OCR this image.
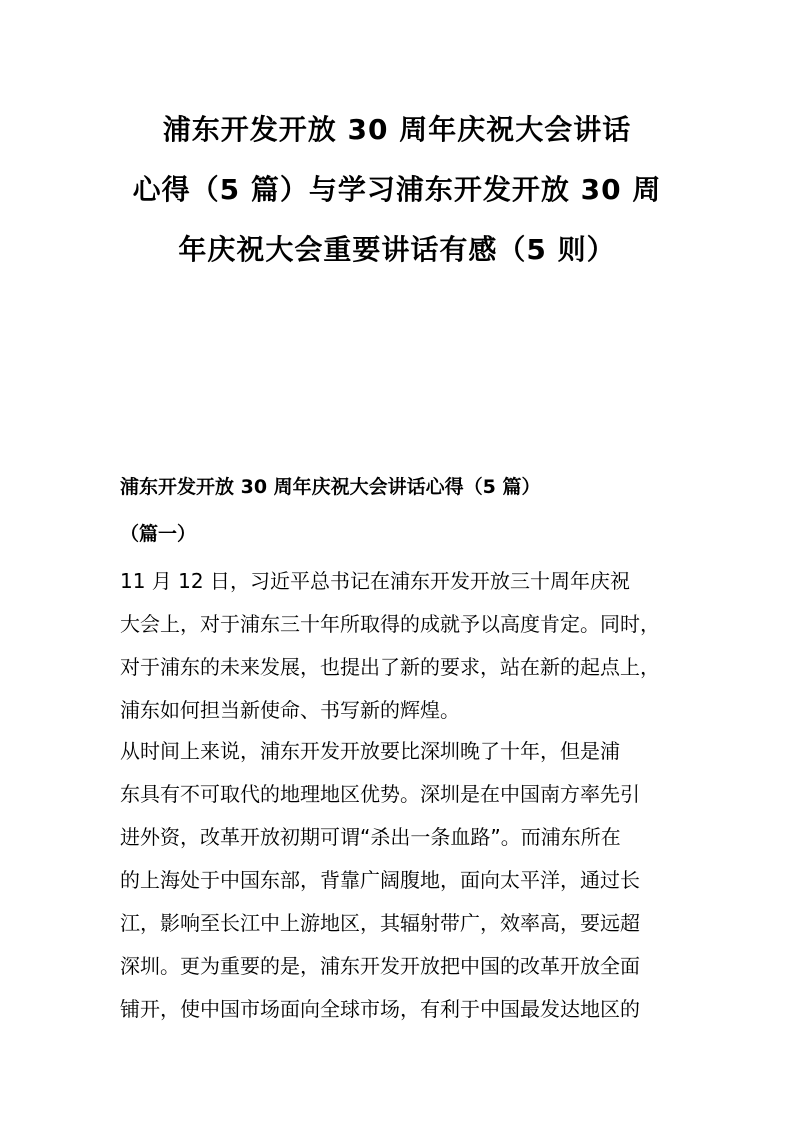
浦东开发开放 30 周年庆祝大会讲话
心得（5 篇）与学习浦东开发开放 30 周
年庆祝大会重要讲话有感（5 则）
浦东开发开放 30 周年庆祝大会讲话心得（5 篇）
（篇一）
11 月 12 日，习近平总书记在浦东开发开放三十周年庆祝
大会上，对于浦东三十年所取得的成就予以高度肯定。同时，
对于浦东的未来发展，也提出了新的要求，站在新的起点上，
浦东如何担当新使命、书写新的辉煌。
从时间上来说，浦东开发开放要比深圳晚了十年，但是浦
东具有不可取代的地理地区优势。深圳是在中国南方率先引
进外资，改革开放初期可谓“杀出一条血路”。而浦东所在
的上海处于中国东部，背靠广阔腹地，面向太平洋，通过长
江，影响至长江中上游地区，其辐射带广，效率高，要远超
深圳。更为重要的是，浦东开发开放把中国的改革开放全面
铺开，使中国市场面向全球市场，有利于中国最发达地区的
